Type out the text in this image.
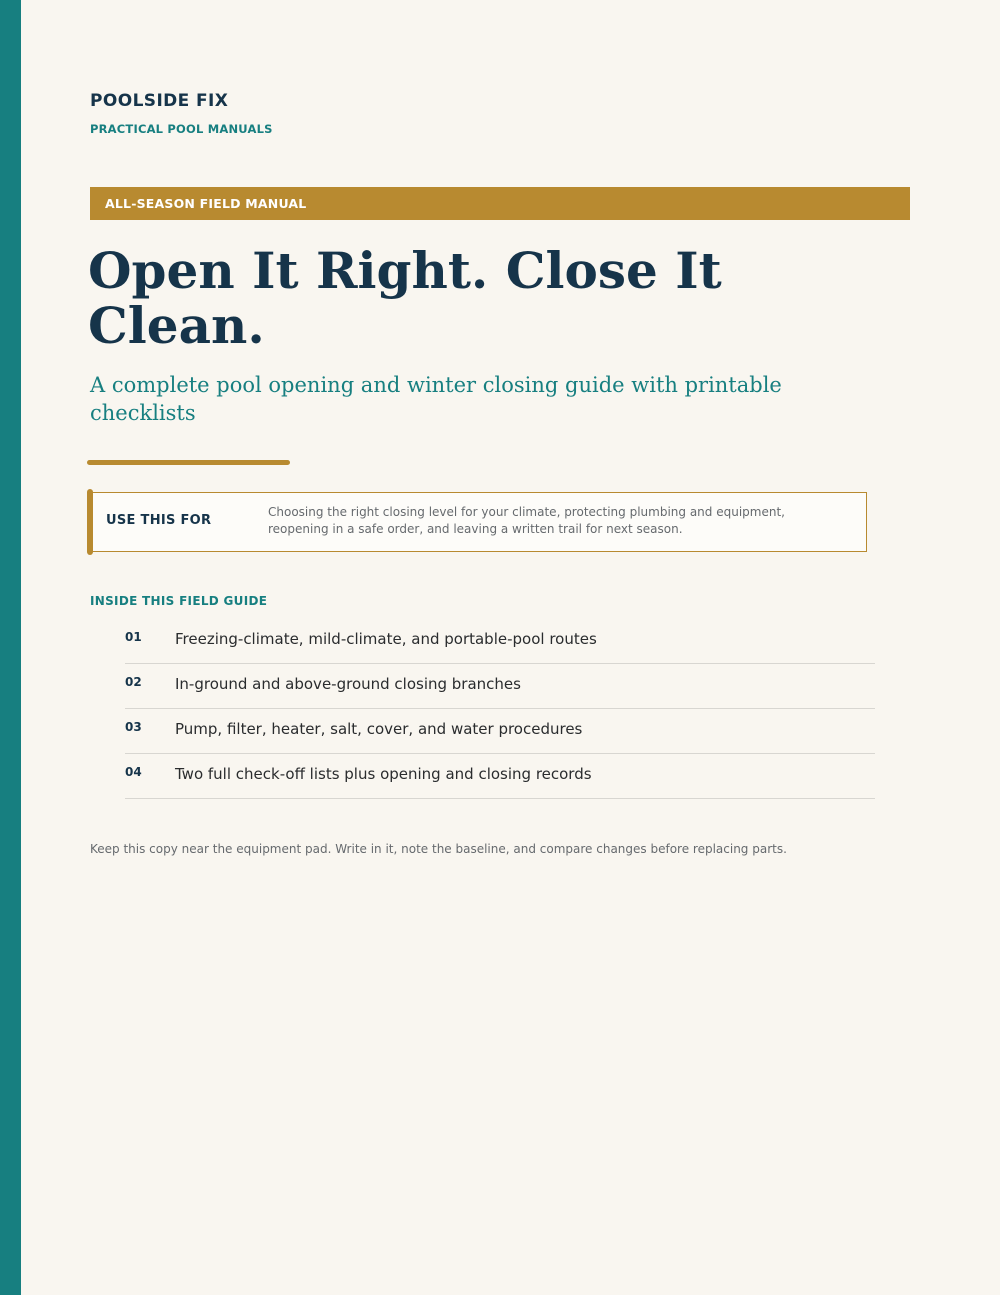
POOLSIDE FIX
PRACTICAL POOL MANUALS
ALL-SEASON FIELD MANUAL
Open It Right. Close It Clean.

A complete pool opening and winter closing guide with printable checklists

USE THIS FOR
Choosing the right closing level for your climate, protecting plumbing and equipment, reopening in a safe order, and leaving a written trail for next season.
INSIDE THIS FIELD GUIDE
01 Freezing-climate, mild-climate, and portable-pool routes
02 In-ground and above-ground closing branches
03 Pump, filter, heater, salt, cover, and water procedures
04 Two full check-off lists plus opening and closing records
Keep this copy near the equipment pad. Write in it, note the baseline, and compare changes before replacing parts.
